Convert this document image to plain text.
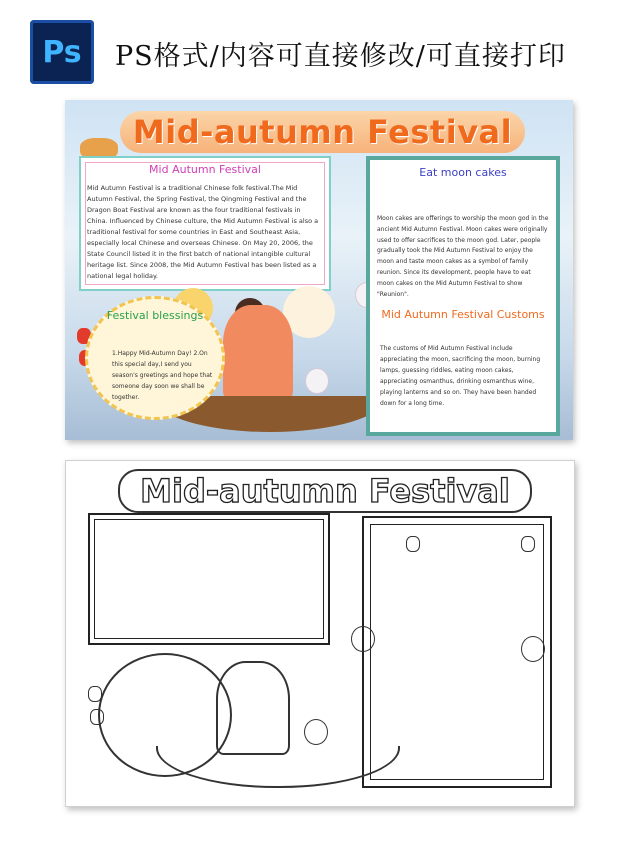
Ps PS格式/内容可直接修改/可直接打印
Mid-autumn Festival
Mid Autumn Festival
Mid Autumn Festival is a traditional Chinese folk festival.The Mid Autumn Festival, the Spring Festival, the Qingming Festival and the Dragon Boat Festival are known as the four traditional festivals in China. Influenced by Chinese culture, the Mid Autumn Festival is also a traditional festival for some countries in East and Southeast Asia, especially local Chinese and overseas Chinese. On May 20, 2006, the State Council listed it in the first batch of national intangible cultural heritage list. Since 2008, the Mid Autumn Festival has been listed as a national legal holiday.
Festival blessings
1.Happy Mid-Autumn Day! 2.On this special day,I send you season's greetings and hope that someone day soon we shall be together.
Eat moon cakes
Moon cakes are offerings to worship the moon god in the ancient Mid Autumn Festival. Moon cakes were originally used to offer sacrifices to the moon god. Later, people gradually took the Mid Autumn Festival to enjoy the moon and taste moon cakes as a symbol of family reunion. Since its development, people have to eat moon cakes on the Mid Autumn Festival to show "Reunion".
Mid Autumn Festival Customs
The customs of Mid Autumn Festival include appreciating the moon, sacrificing the moon, burning lamps, guessing riddles, eating moon cakes, appreciating osmanthus, drinking osmanthus wine, playing lanterns and so on. They have been handed down for a long time.
Mid-autumn Festival
